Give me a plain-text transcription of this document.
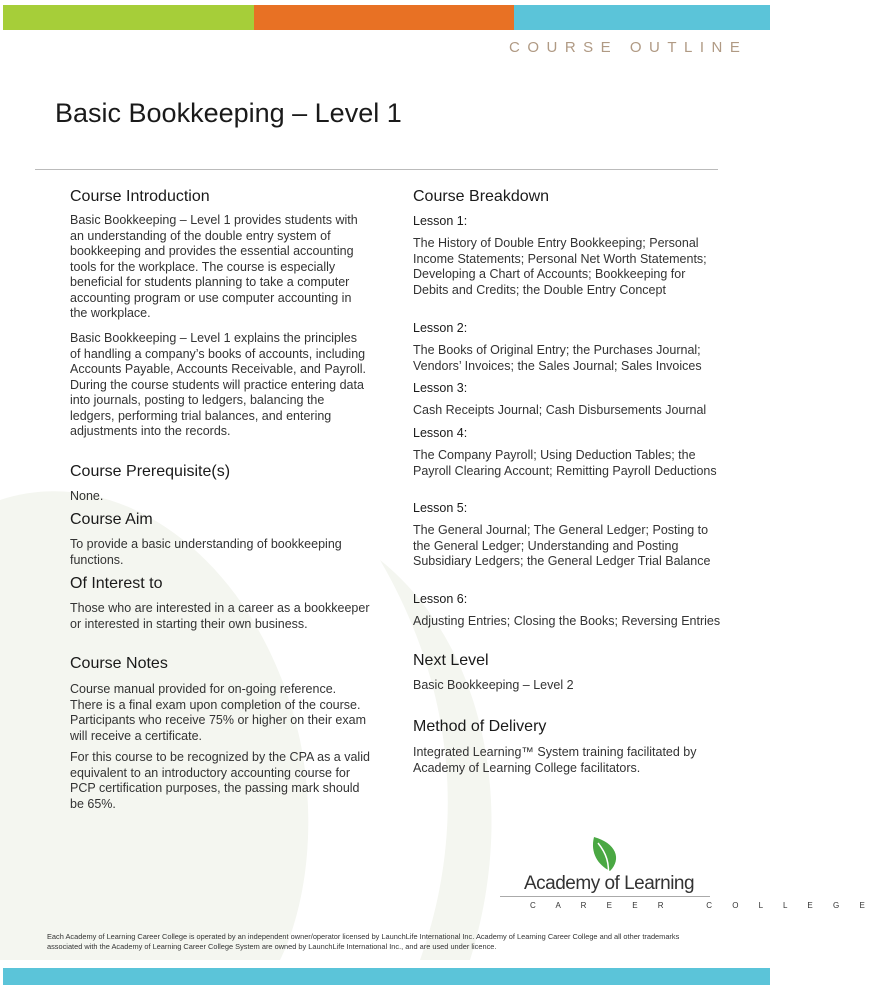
COURSE OUTLINE
Basic Bookkeeping – Level 1
Course Introduction

Basic Bookkeeping – Level 1 provides students with an understanding of the double entry system of bookkeeping and provides the essential accounting tools for the workplace. The course is especially beneficial for students planning to take a computer accounting program or use computer accounting in the workplace.

Basic Bookkeeping – Level 1 explains the principles of handling a company’s books of accounts, including Accounts Payable, Accounts Receivable, and Payroll. During the course students will practice entering data into journals, posting to ledgers, balancing the ledgers, performing trial balances, and entering adjustments into the records.

Course Prerequisite(s)

None.

Course Aim

To provide a basic understanding of bookkeeping functions.

Of Interest to

Those who are interested in a career as a bookkeeper or interested in starting their own business.

Course Notes

Course manual provided for on-going reference. There is a final exam upon completion of the course. Participants who receive 75% or higher on their exam will receive a certificate.

For this course to be recognized by the CPA as a valid equivalent to an introductory accounting course for PCP certification purposes, the passing mark should be 65%.

Course Breakdown
Lesson 1:

The History of Double Entry Bookkeeping; Personal Income Statements; Personal Net Worth Statements; Developing a Chart of Accounts; Bookkeeping for Debits and Credits; the Double Entry Concept

Lesson 2:

The Books of Original Entry; the Purchases Journal; Vendors’ Invoices; the Sales Journal; Sales Invoices

Lesson 3:

Cash Receipts Journal; Cash Disbursements Journal

Lesson 4:

The Company Payroll; Using Deduction Tables; the Payroll Clearing Account; Remitting Payroll Deductions

Lesson 5:

The General Journal; The General Ledger; Posting to the General Ledger; Understanding and Posting Subsidiary Ledgers; the General Ledger Trial Balance

Lesson 6:

Adjusting Entries; Closing the Books; Reversing Entries

Next Level

Basic Bookkeeping – Level 2

Method of Delivery

Integrated Learning™ System training facilitated by Academy of Learning College facilitators.

Academy of Learning
C A R E E R   C O L L E G E
Each Academy of Learning Career College is operated by an independent owner/operator licensed by LaunchLife International Inc. Academy of Learning Career College and all other trademarks associated with the Academy of Learning Career College System are owned by LaunchLife International Inc., and are used under licence.
